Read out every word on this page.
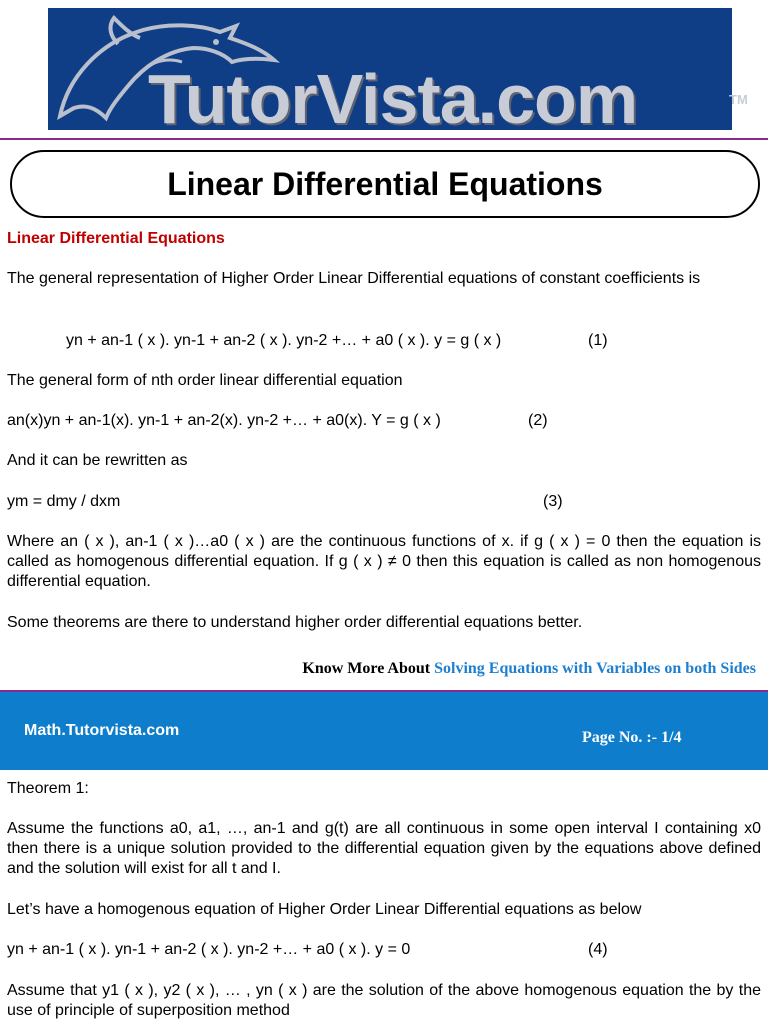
TutorVista.com	TM
Linear Differential Equations
Linear Differential Equations
The general representation of Higher Order Linear Differential equations of constant coefficients is
yn + an-1 ( x ). yn-1 + an-2 ( x ). yn-2 +… + a0 ( x ). y = g ( x )	(1)
The general form of nth order linear differential equation
an(x)yn + an-1(x). yn-1 + an-2(x). yn-2 +… + a0(x). Y = g ( x )	(2)
And it can be rewritten as
ym = dmy / dxm	(3)
Where an ( x ), an-1 ( x )…a0 ( x ) are the continuous functions of x. if g ( x ) = 0 then the equation is called as homogenous differential equation. If g ( x ) ≠ 0 then this equation is called as non homogenous differential equation.
Some theorems are there to understand higher order differential equations better.
Know More About Solving Equations with Variables on both Sides
Math.Tutorvista.com	Page No. :- 1/4
Theorem 1:
Assume the functions a0, a1, …, an-1 and g(t) are all continuous in some open interval I containing x0 then there is a unique solution provided to the differential equation given by the equations above defined and the solution will exist for all t and I.
Let’s have a homogenous equation of Higher Order Linear Differential equations as below
yn + an-1 ( x ). yn-1 + an-2 ( x ). yn-2 +… + a0 ( x ). y = 0	(4)
Assume that y1 ( x ), y2 ( x ), … , yn ( x ) are the solution of the above homogenous equation the by the use of principle of superposition method
